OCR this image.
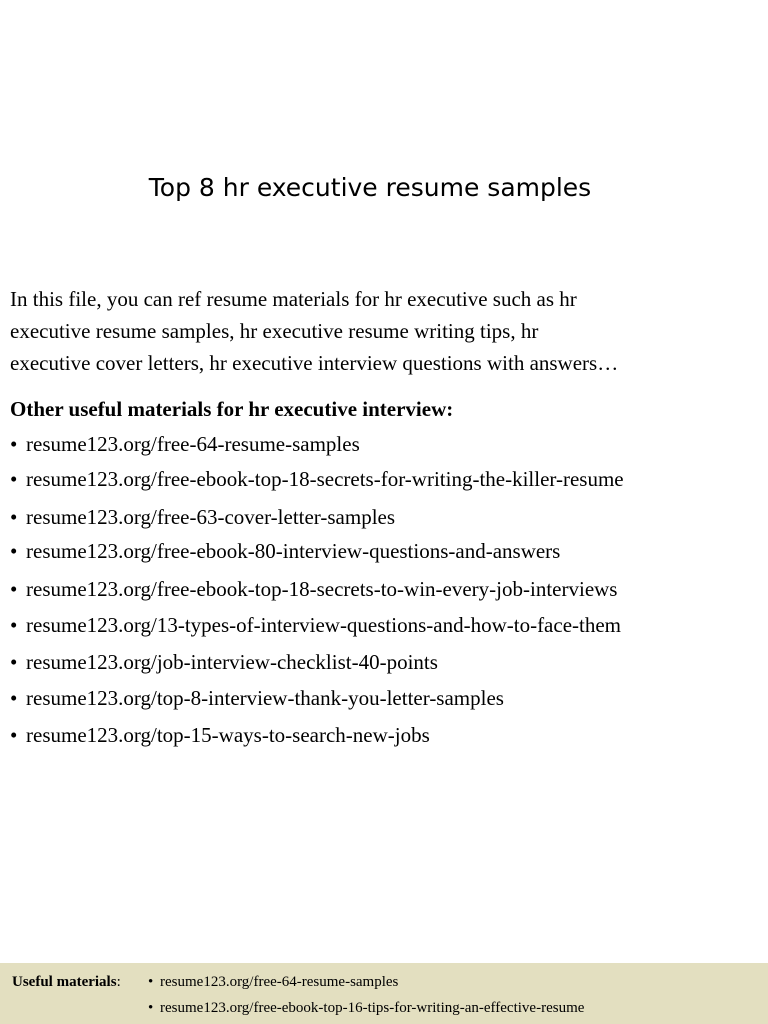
Top 8 hr executive resume samples

In this file, you can ref resume materials for hr executive such as hr
executive resume samples, hr executive resume writing tips, hr
executive cover letters, hr executive interview questions with answers…

Other useful materials for hr executive interview:
• resume123.org/free-64-resume-samples
• resume123.org/free-ebook-top-18-secrets-for-writing-the-killer-resume
• resume123.org/free-63-cover-letter-samples
• resume123.org/free-ebook-80-interview-questions-and-answers
• resume123.org/free-ebook-top-18-secrets-to-win-every-job-interviews
• resume123.org/13-types-of-interview-questions-and-how-to-face-them
• resume123.org/job-interview-checklist-40-points
• resume123.org/top-8-interview-thank-you-letter-samples
• resume123.org/top-15-ways-to-search-new-jobs
Useful materials: • resume123.org/free-64-resume-samples
• resume123.org/free-ebook-top-16-tips-for-writing-an-effective-resume
